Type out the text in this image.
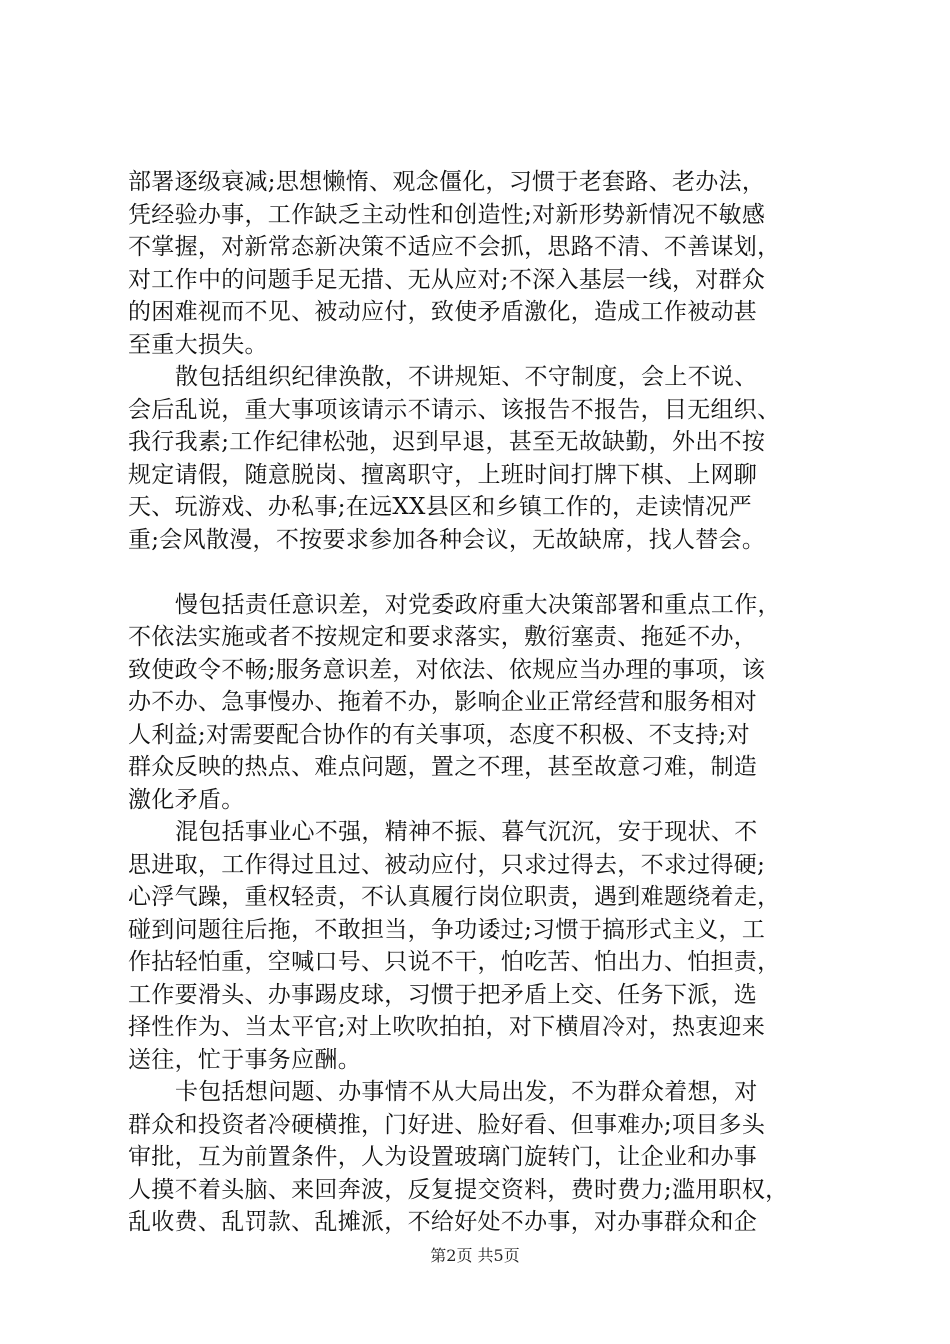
部署逐级衰减;思想懒惰、观念僵化，习惯于老套路、老办法，
凭经验办事，工作缺乏主动性和创造性;对新形势新情况不敏感
不掌握，对新常态新决策不适应不会抓，思路不清、不善谋划，
对工作中的问题手足无措、无从应对;不深入基层一线，对群众
的困难视而不见、被动应付，致使矛盾激化，造成工作被动甚
至重大损失。
散包括组织纪律涣散，不讲规矩、不守制度，会上不说、
会后乱说，重大事项该请示不请示、该报告不报告，目无组织、
我行我素;工作纪律松弛，迟到早退，甚至无故缺勤，外出不按
规定请假，随意脱岗、擅离职守，上班时间打牌下棋、上网聊
天、玩游戏、办私事;在远XX县区和乡镇工作的，走读情况严
重;会风散漫，不按要求参加各种会议，无故缺席，找人替会。
慢包括责任意识差，对党委政府重大决策部署和重点工作，
不依法实施或者不按规定和要求落实，敷衍塞责、拖延不办，
致使政令不畅;服务意识差，对依法、依规应当办理的事项，该
办不办、急事慢办、拖着不办，影响企业正常经营和服务相对
人利益;对需要配合协作的有关事项，态度不积极、不支持;对
群众反映的热点、难点问题，置之不理，甚至故意刁难，制造
激化矛盾。
混包括事业心不强，精神不振、暮气沉沉，安于现状、不
思进取，工作得过且过、被动应付，只求过得去，不求过得硬;
心浮气躁，重权轻责，不认真履行岗位职责，遇到难题绕着走，
碰到问题往后拖，不敢担当，争功诿过;习惯于搞形式主义，工
作拈轻怕重，空喊口号、只说不干，怕吃苦、怕出力、怕担责，
工作要滑头、办事踢皮球，习惯于把矛盾上交、任务下派，选
择性作为、当太平官;对上吹吹拍拍，对下横眉冷对，热衷迎来
送往，忙于事务应酬。
卡包括想问题、办事情不从大局出发，不为群众着想，对
群众和投资者冷硬横推，门好进、脸好看、但事难办;项目多头
审批，互为前置条件，人为设置玻璃门旋转门，让企业和办事
人摸不着头脑、来回奔波，反复提交资料，费时费力;滥用职权，
乱收费、乱罚款、乱摊派，不给好处不办事，对办事群众和企
第2页 共5页
